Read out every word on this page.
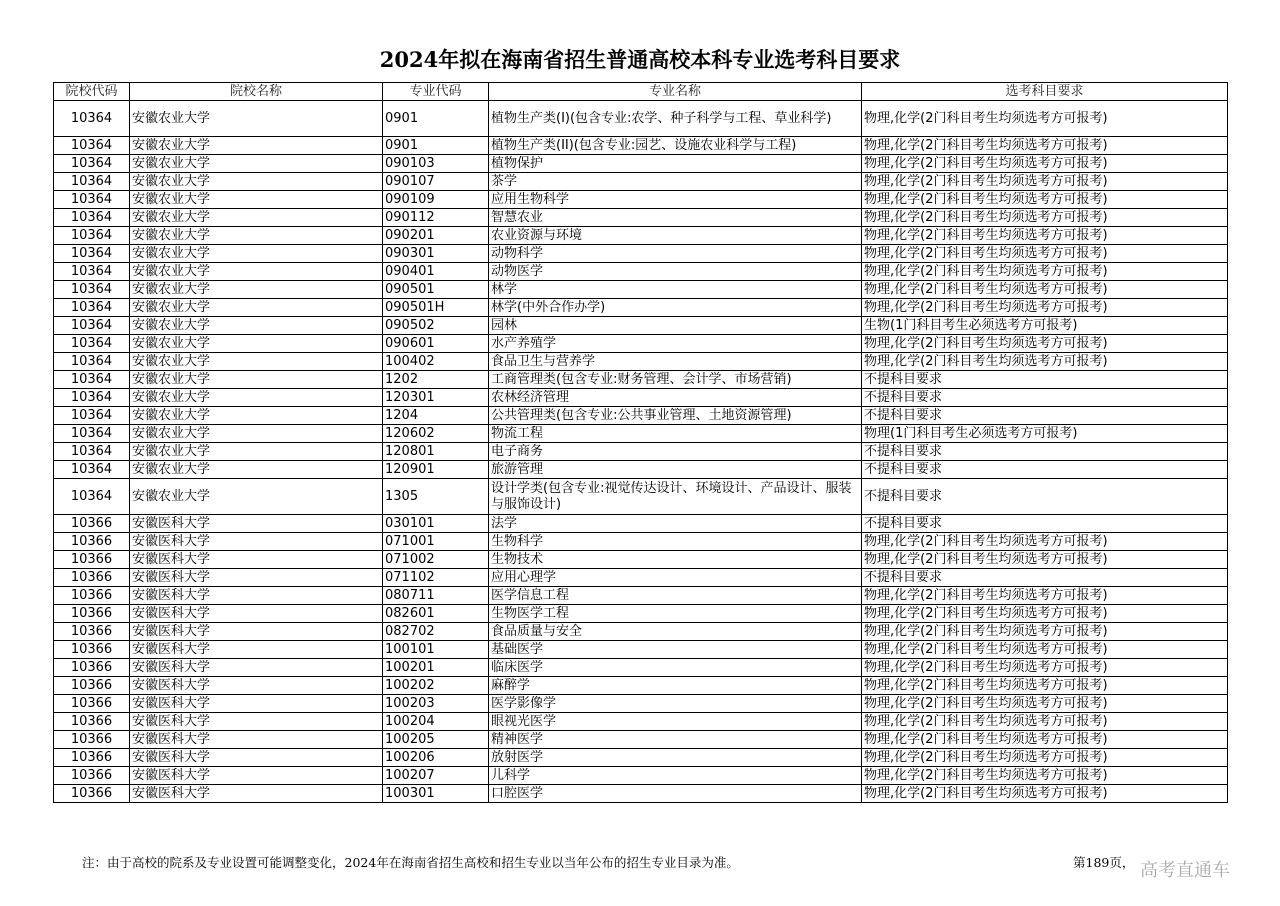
2024年拟在海南省招生普通高校本科专业选考科目要求
院校代码	院校名称	专业代码	专业名称	选考科目要求
10364	安徽农业大学	0901	植物生产类(I)(包含专业:农学、种子科学与工程、草业科学)	物理,化学(2门科目考生均须选考方可报考)
10364	安徽农业大学	0901	植物生产类(II)(包含专业:园艺、设施农业科学与工程)	物理,化学(2门科目考生均须选考方可报考)
10364	安徽农业大学	090103	植物保护	物理,化学(2门科目考生均须选考方可报考)
10364	安徽农业大学	090107	茶学	物理,化学(2门科目考生均须选考方可报考)
10364	安徽农业大学	090109	应用生物科学	物理,化学(2门科目考生均须选考方可报考)
10364	安徽农业大学	090112	智慧农业	物理,化学(2门科目考生均须选考方可报考)
10364	安徽农业大学	090201	农业资源与环境	物理,化学(2门科目考生均须选考方可报考)
10364	安徽农业大学	090301	动物科学	物理,化学(2门科目考生均须选考方可报考)
10364	安徽农业大学	090401	动物医学	物理,化学(2门科目考生均须选考方可报考)
10364	安徽农业大学	090501	林学	物理,化学(2门科目考生均须选考方可报考)
10364	安徽农业大学	090501H	林学(中外合作办学)	物理,化学(2门科目考生均须选考方可报考)
10364	安徽农业大学	090502	园林	生物(1门科目考生必须选考方可报考)
10364	安徽农业大学	090601	水产养殖学	物理,化学(2门科目考生均须选考方可报考)
10364	安徽农业大学	100402	食品卫生与营养学	物理,化学(2门科目考生均须选考方可报考)
10364	安徽农业大学	1202	工商管理类(包含专业:财务管理、会计学、市场营销)	不提科目要求
10364	安徽农业大学	120301	农林经济管理	不提科目要求
10364	安徽农业大学	1204	公共管理类(包含专业:公共事业管理、土地资源管理)	不提科目要求
10364	安徽农业大学	120602	物流工程	物理(1门科目考生必须选考方可报考)
10364	安徽农业大学	120801	电子商务	不提科目要求
10364	安徽农业大学	120901	旅游管理	不提科目要求
10364	安徽农业大学	1305	设计学类(包含专业:视觉传达设计、环境设计、产品设计、服装与服饰设计)	不提科目要求
10366	安徽医科大学	030101	法学	不提科目要求
10366	安徽医科大学	071001	生物科学	物理,化学(2门科目考生均须选考方可报考)
10366	安徽医科大学	071002	生物技术	物理,化学(2门科目考生均须选考方可报考)
10366	安徽医科大学	071102	应用心理学	不提科目要求
10366	安徽医科大学	080711	医学信息工程	物理,化学(2门科目考生均须选考方可报考)
10366	安徽医科大学	082601	生物医学工程	物理,化学(2门科目考生均须选考方可报考)
10366	安徽医科大学	082702	食品质量与安全	物理,化学(2门科目考生均须选考方可报考)
10366	安徽医科大学	100101	基础医学	物理,化学(2门科目考生均须选考方可报考)
10366	安徽医科大学	100201	临床医学	物理,化学(2门科目考生均须选考方可报考)
10366	安徽医科大学	100202	麻醉学	物理,化学(2门科目考生均须选考方可报考)
10366	安徽医科大学	100203	医学影像学	物理,化学(2门科目考生均须选考方可报考)
10366	安徽医科大学	100204	眼视光医学	物理,化学(2门科目考生均须选考方可报考)
10366	安徽医科大学	100205	精神医学	物理,化学(2门科目考生均须选考方可报考)
10366	安徽医科大学	100206	放射医学	物理,化学(2门科目考生均须选考方可报考)
10366	安徽医科大学	100207	儿科学	物理,化学(2门科目考生均须选考方可报考)
10366	安徽医科大学	100301	口腔医学	物理,化学(2门科目考生均须选考方可报考)
注：由于高校的院系及专业设置可能调整变化，2024年在海南省招生高校和招生专业以当年公布的招生专业目录为准。	第189页， 高考直通车
